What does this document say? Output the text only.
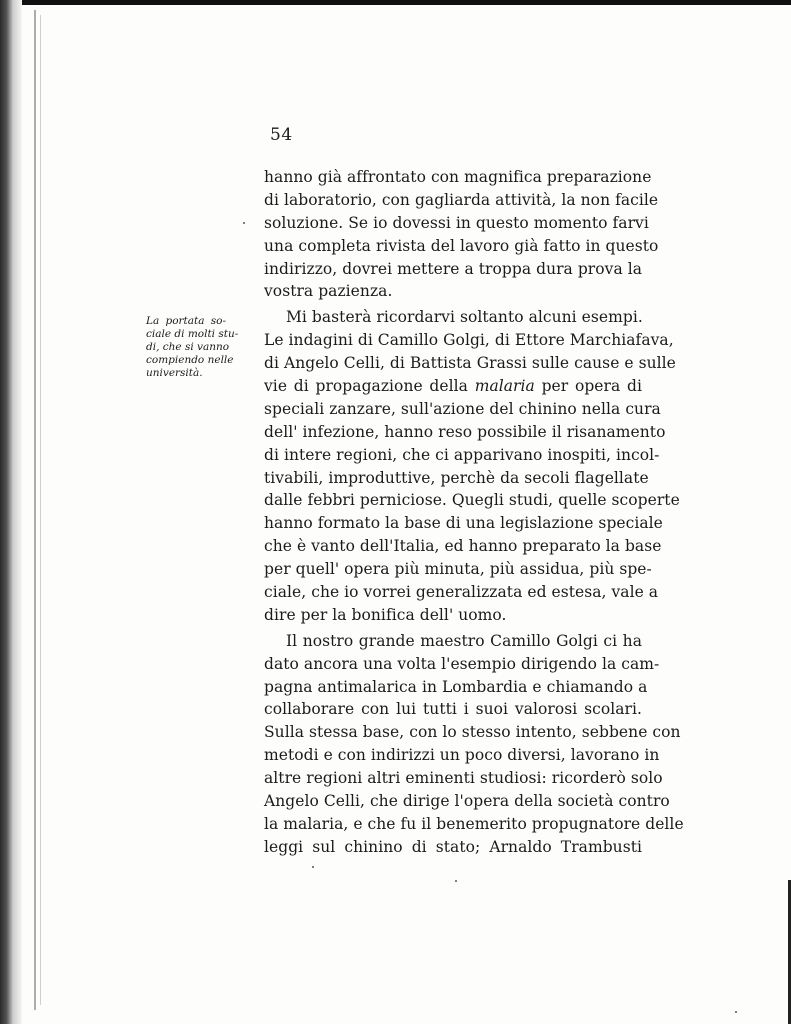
54
La portata so-
ciale di molti stu-
di, che si vanno
compiendo nelle
università.
hanno già affrontato con magnifica preparazione
di laboratorio, con gagliarda attività, la non facile
soluzione. Se io dovessi in questo momento farvi
una completa rivista del lavoro già fatto in questo
indirizzo, dovrei mettere a troppa dura prova la
vostra pazienza.
Mi basterà ricordarvi soltanto alcuni esempi.
Le indagini di Camillo Golgi, di Ettore Marchiafava,
di Angelo Celli, di Battista Grassi sulle cause e sulle
vie di propagazione della malaria per opera di
speciali zanzare, sull'azione del chinino nella cura
dell' infezione, hanno reso possibile il risanamento
di intere regioni, che ci apparivano inospiti, incol-
tivabili, improduttive, perchè da secoli flagellate
dalle febbri perniciose. Quegli studi, quelle scoperte
hanno formato la base di una legislazione speciale
che è vanto dell'Italia, ed hanno preparato la base
per quell' opera più minuta, più assidua, più spe-
ciale, che io vorrei generalizzata ed estesa, vale a
dire per la bonifica dell' uomo.
Il nostro grande maestro Camillo Golgi ci ha
dato ancora una volta l'esempio dirigendo la cam-
pagna antimalarica in Lombardia e chiamando a
collaborare con lui tutti i suoi valorosi scolari.
Sulla stessa base, con lo stesso intento, sebbene con
metodi e con indirizzi un poco diversi, lavorano in
altre regioni altri eminenti studiosi: ricorderò solo
Angelo Celli, che dirige l'opera della società contro
la malaria, e che fu il benemerito propugnatore delle
leggi sul chinino di stato; Arnaldo Trambusti
